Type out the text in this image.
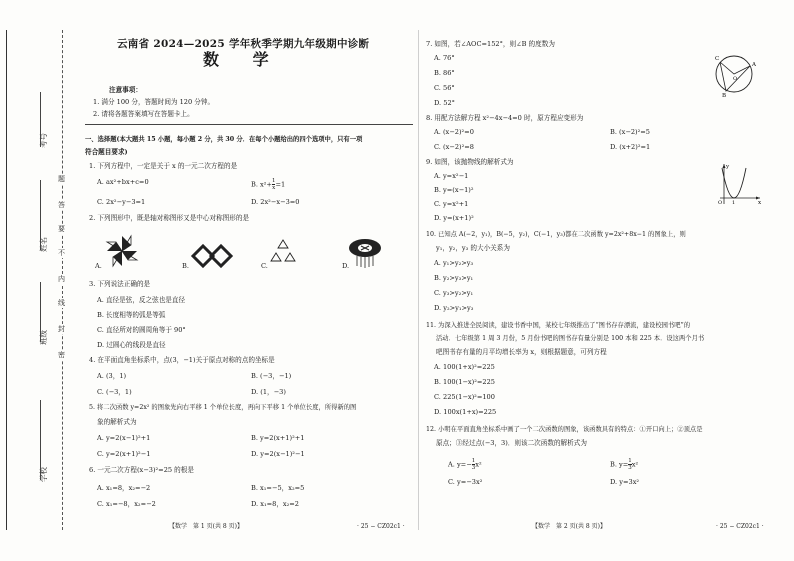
考号
姓名
班级
学校
题
答
要
不
内
线
封
密
云南省 2024—2025 学年秋季学期九年级期中诊断
数 学
注意事项：
1. 满分 100 分，答题时间为 120 分钟。
2. 请将各题答案填写在答题卡上。
一、选择题(本大题共 15 小题，每小题 2 分，共 30 分．在每个小题给出的四个选项中，只有一项
符合题目要求)
1. 下列方程中，一定是关于 x 的一元二次方程的是
A. ax²+bx+c=0	B. $x^2+ \frac{1}{x} =1$
C. 2x²−y−3=1	D. 2x²−x−3=0
2. 下列图形中，既是轴对称图形又是中心对称图形的是
A.	B.	C.	D.
3. 下列说法正确的是
A. 直径是弦，反之弦也是直径
B. 长度相等的弧是等弧
C. 直径所对的圆周角等于 90°
D. 过圆心的线段是直径
4. 在平面直角坐标系中，点(3，−1)关于原点对称的点的坐标是
A. (3，1)	B. (−3，−1)
C. (−3，1)	D. (1，−3)
5. 将二次函数 y=2x² 的图象先向右平移 1 个单位长度，再向下平移 1 个单位长度，所得新的图
象的解析式为
A. y=2(x−1)²+1	B. y=2(x+1)²+1
C. y=2(x+1)²−1	D. y=2(x−1)²−1
6. 一元二次方程(x−3)²=25 的根是
A. x₁=8，x₂=−2	B. x₁=−5，x₂=5
C. x₁=−8，x₂=−2	D. x₁=8，x₂=2
【数学　第 1 页(共 8 页)】	· 25 − CZ02c1 ·
7. 如图，若∠AOC=152°，则∠B 的度数为
A. 76°
B. 86°
C. 56°
D. 52°
C
A
O
B
8. 用配方法解方程 x²−4x−4=0 时，原方程应变形为
A. (x−2)²=0	B. (x−2)²=5
C. (x−2)²=8	D. (x+2)²=1
9. 如图，该抛物线的解析式为
A. y=x²−1
B. y=(x−1)²
C. y=x²+1
D. y=(x+1)²
y
x
O 1
10. 已知点 A(−2，y₁)，B(−5，y₂)，C(−1，y₃)都在二次函数 y=2x²+8x−1 的图象上，则
y₁，y₂，y₃ 的大小关系为
A. y₁>y₂>y₃
B. y₂>y₃>y₁
C. y₃>y₂>y₁
D. y₂>y₁>y₃
11. 为深入推进全民阅读，建设书香中国，某校七年级推出了“图书存存漂流，建设校园书吧”的
活动．七年级第 1 周 3 月份，5 月份书吧的图书存有量分别是 100 本和 225 本．设这两个月书
吧图书存有量的月平均增长率为 x，则根据题意，可列方程
A. 100(1+x)²=225
B. 100(1−x)²=225
C. 225(1−x)²=100
D. 100x(1+x)=225
12. 小明在平面直角坐标系中画了一个二次函数的图象，该函数具有的特点：①开口向上；②顶点是
原点；③经过点(−3，3)．则该二次函数的解析式为
A. $y=- \frac{1}{3} x^2$	B. $y= \frac{1}{3} x^2$
C. y=−3x²	D. y=3x²
【数学　第 2 页(共 8 页)】	· 25 − CZ02c1 ·
